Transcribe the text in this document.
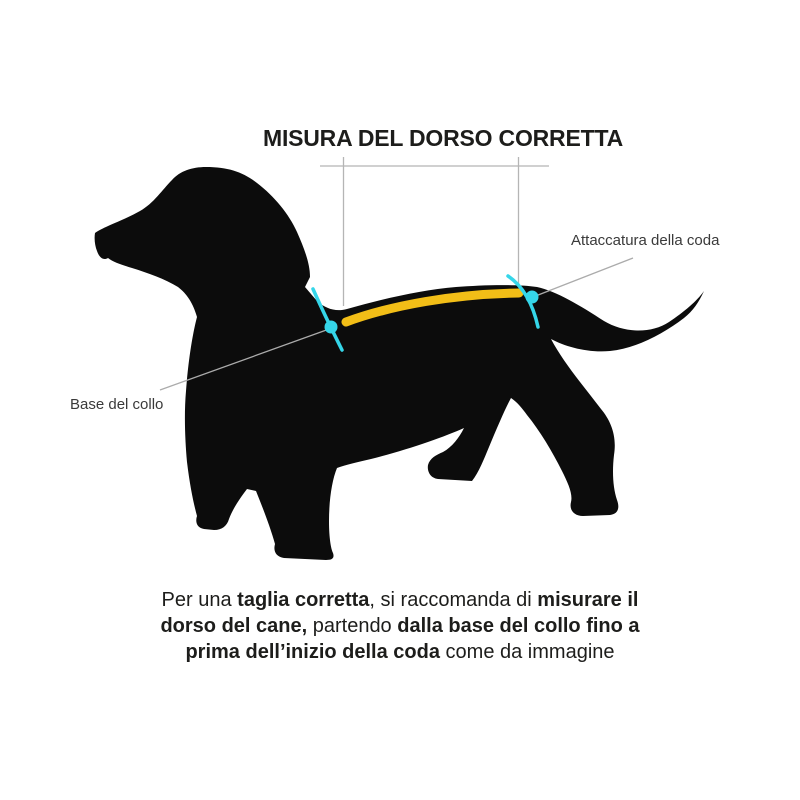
MISURA DEL DORSO CORRETTA
Base del collo
Attaccatura della coda
Per una taglia corretta, si raccomanda di misurare il
dorso del cane, partendo dalla base del collo fino a
prima dell’inizio della coda come da immagine
